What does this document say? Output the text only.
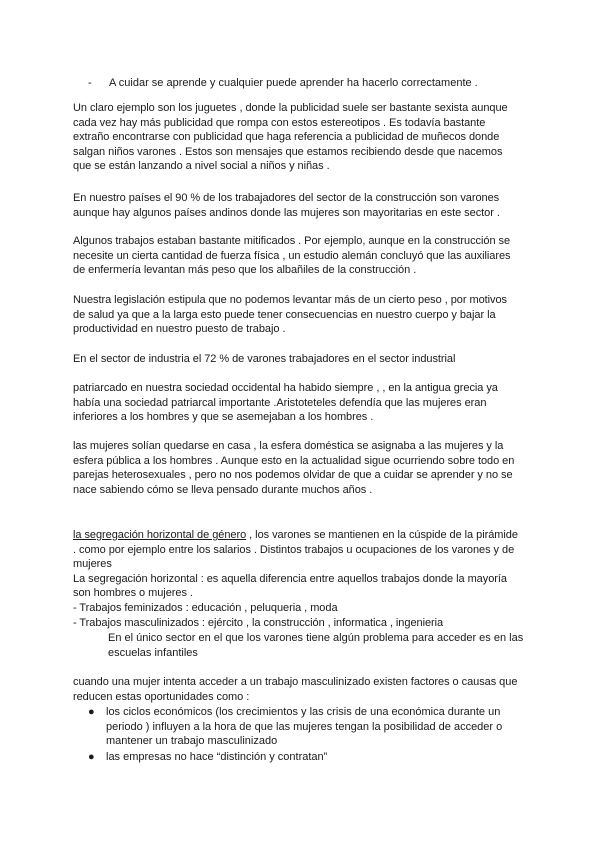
- A cuidar se aprende y cualquier puede aprender ha hacerlo correctamente .

Un claro ejemplo son los juguetes , donde la publicidad suele ser bastante sexista aunque
cada vez hay más publicidad que rompa con estos estereotipos . Es todavía bastante
extraño encontrarse con publicidad que haga referencia a publicidad de muñecos donde
salgan niños varones . Estos son mensajes que estamos recibiendo desde que nacemos
que se están lanzando a nivel social a niños y niñas .

En nuestro países el 90 % de los trabajadores del sector de la construcción son varones
aunque hay algunos países andinos donde las mujeres son mayoritarias en este sector .

Algunos trabajos estaban bastante mitificados . Por ejemplo, aunque en la construcción se
necesite un cierta cantidad de fuerza física , un estudio alemán concluyó que las auxiliares
de enfermería levantan más peso que los albañiles de la construcción .

Nuestra legislación estipula que no podemos levantar más de un cierto peso , por motivos
de salud ya que a la larga esto puede tener consecuencias en nuestro cuerpo y bajar la
productividad en nuestro puesto de trabajo .

En el sector de industria el 72 % de varones trabajadores en el sector industrial

patriarcado en nuestra sociedad occidental ha habido siempre , , en la antigua grecia ya
había una sociedad patriarcal importante .Aristoteteles defendía que las mujeres eran
inferiores a los hombres y que se asemejaban a los hombres .

las mujeres solían quedarse en casa , la esfera doméstica se asignaba a las mujeres y la
esfera pública a los hombres . Aunque esto en la actualidad sigue ocurriendo sobre todo en
parejas heterosexuales , pero no nos podemos olvidar de que a cuidar se aprender y no se
nace sabiendo cómo se lleva pensado durante muchos años .

la segregación horizontal de género , los varones se mantienen en la cúspide de la pirámide
. como por ejemplo entre los salarios . Distintos trabajos u ocupaciones de los varones y de
mujeres
La segregación horizontal : es aquella diferencia entre aquellos trabajos donde la mayoría
son hombres o mujeres .
- Trabajos feminizados : educación , peluqueria , moda
- Trabajos masculinizados : ejército , la construcción , informatica , ingenieria

En el único sector en el que los varones tiene algún problema para acceder es en las
escuelas infantiles

cuando una mujer intenta acceder a un trabajo masculinizado existen factores o causas que
reducen estas oportunidades como :

●	los ciclos económicos (los crecimientos y las crisis de una económica durante un
periodo ) influyen a la hora de que las mujeres tengan la posibilidad de acceder o
mantener un trabajo masculinizado
●	las empresas no hace “distinción y contratan”
